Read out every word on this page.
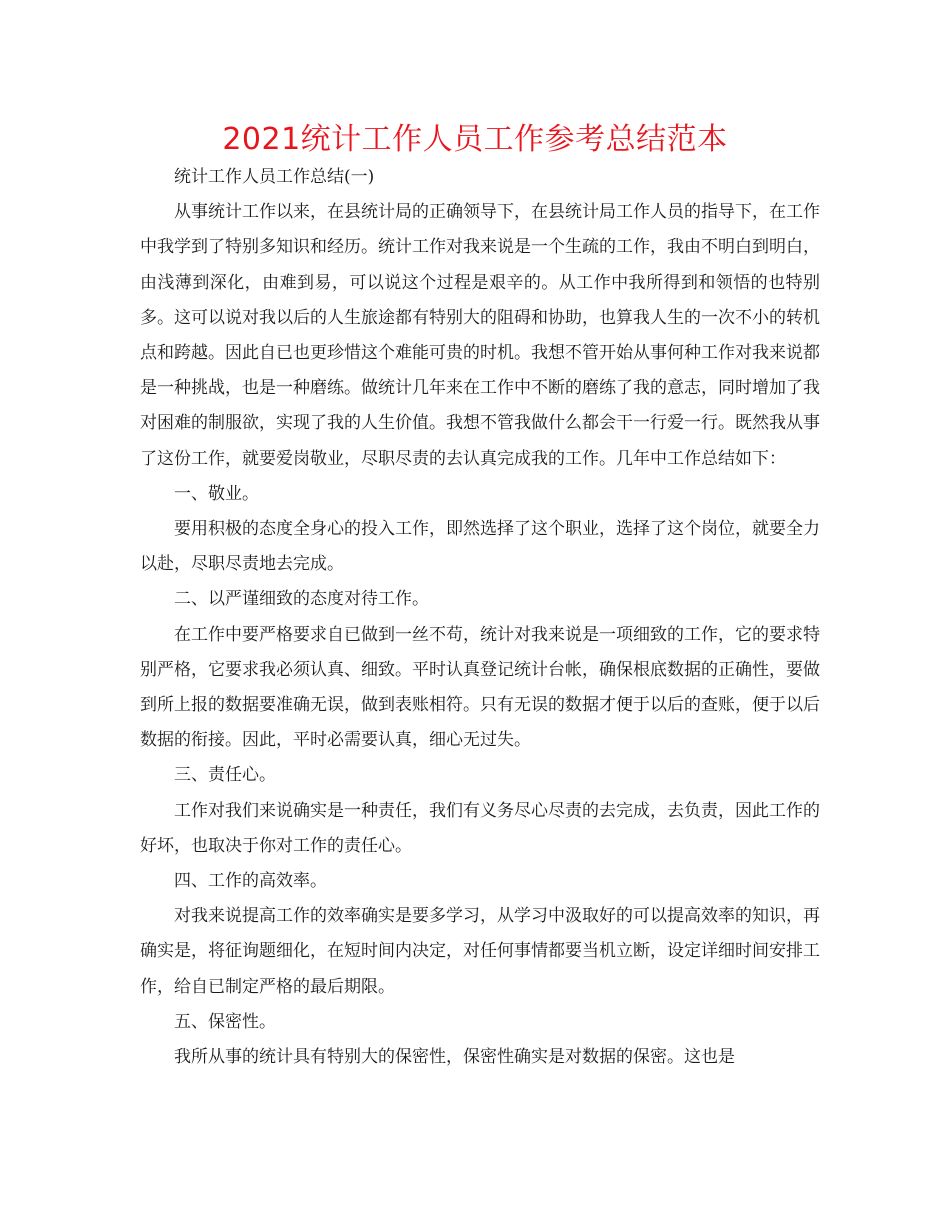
2021统计工作人员工作参考总结范本

统计工作人员工作总结(一)

从事统计工作以来，在县统计局的正确领导下，在县统计局工作人员的指导下，在工作中我学到了特别多知识和经历。统计工作对我来说是一个生疏的工作，我由不明白到明白，由浅薄到深化，由难到易，可以说这个过程是艰辛的。从工作中我所得到和领悟的也特别多。这可以说对我以后的人生旅途都有特别大的阻碍和协助，也算我人生的一次不小的转机点和跨越。因此自已也更珍惜这个难能可贵的时机。我想不管开始从事何种工作对我来说都是一种挑战，也是一种磨练。做统计几年来在工作中不断的磨练了我的意志，同时增加了我对困难的制服欲，实现了我的人生价值。我想不管我做什么都会干一行爱一行。既然我从事了这份工作，就要爱岗敬业，尽职尽责的去认真完成我的工作。几年中工作总结如下：

一、敬业。

要用积极的态度全身心的投入工作，即然选择了这个职业，选择了这个岗位，就要全力以赴，尽职尽责地去完成。

二、以严谨细致的态度对待工作。

在工作中要严格要求自已做到一丝不苟，统计对我来说是一项细致的工作，它的要求特别严格，它要求我必须认真、细致。平时认真登记统计台帐，确保根底数据的正确性，要做到所上报的数据要准确无误，做到表账相符。只有无误的数据才便于以后的查账，便于以后数据的衔接。因此，平时必需要认真，细心无过失。

三、责任心。

工作对我们来说确实是一种责任，我们有义务尽心尽责的去完成，去负责，因此工作的好坏，也取决于你对工作的责任心。

四、工作的高效率。

对我来说提高工作的效率确实是要多学习，从学习中汲取好的可以提高效率的知识，再确实是，将征询题细化，在短时间内决定，对任何事情都要当机立断，设定详细时间安排工作，给自已制定严格的最后期限。

五、保密性。

我所从事的统计具有特别大的保密性，保密性确实是对数据的保密。这也是
